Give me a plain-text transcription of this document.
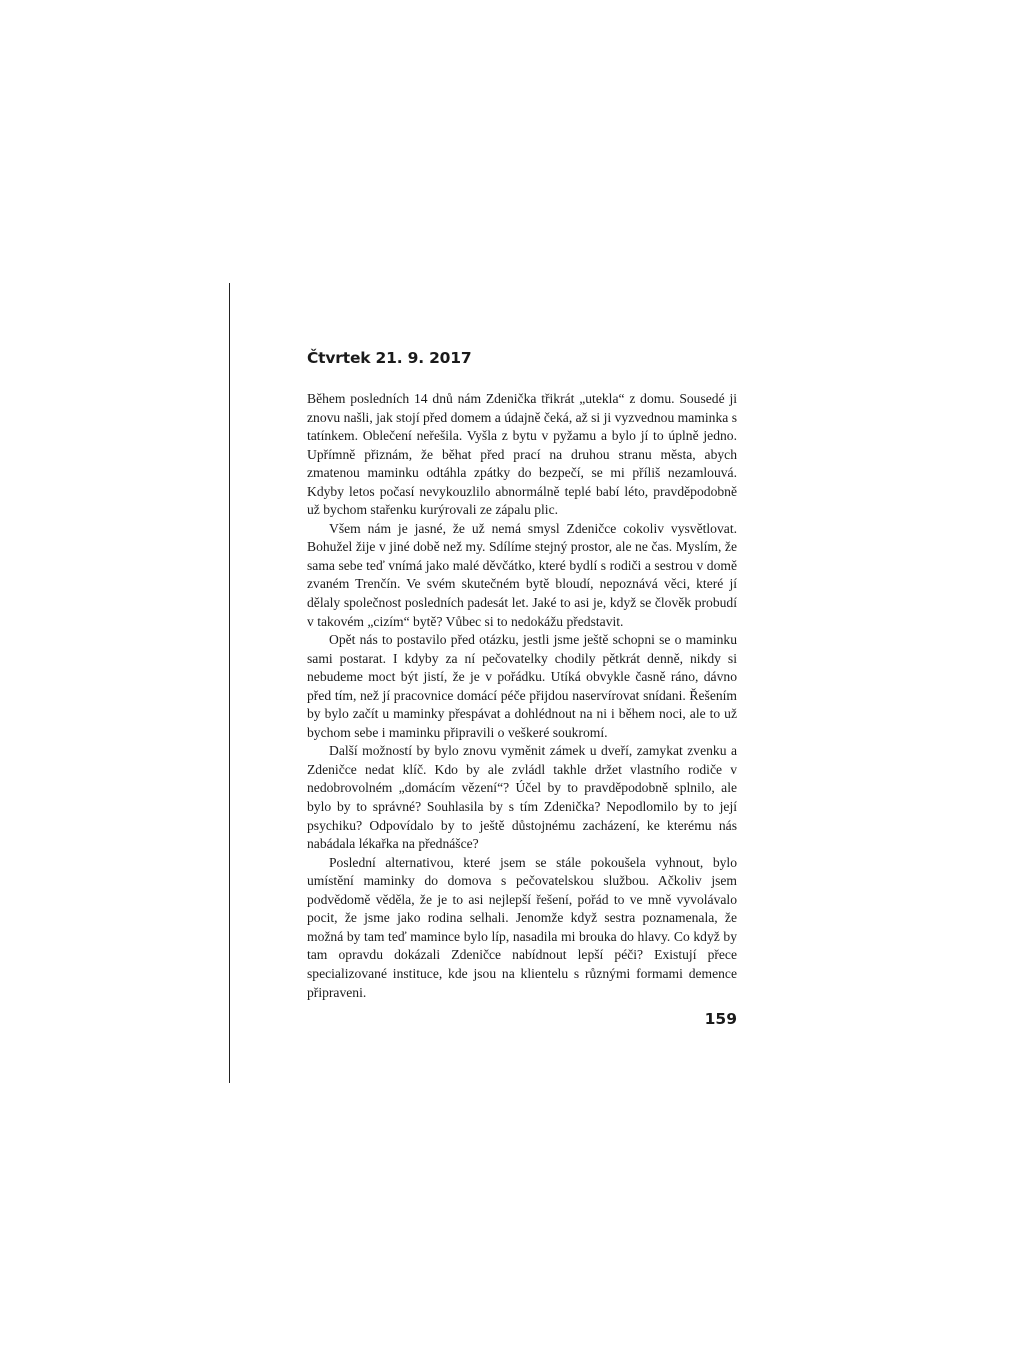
Čtvrtek 21. 9. 2017

Během posledních 14 dnů nám Zdenička třikrát „utekla“ z domu. Sousedé ji znovu našli, jak stojí před domem a údajně čeká, až si ji vyzvednou maminka s tatínkem. Oblečení neřešila. Vyšla z bytu v pyžamu a bylo jí to úplně jedno. Upřímně přiznám, že běhat před prací na druhou stranu města, abych zmatenou maminku odtáhla zpátky do bezpečí, se mi příliš nezamlouvá. Kdyby letos počasí nevykouzlilo abnormálně teplé babí léto, pravděpodobně už bychom stařenku kurýrovali ze zápalu plic.

Všem nám je jasné, že už nemá smysl Zdeničce cokoliv vysvětlovat. Bohužel žije v jiné době než my. Sdílíme stejný prostor, ale ne čas. Myslím, že sama sebe teď vnímá jako malé děvčátko, které bydlí s rodiči a sestrou v domě zvaném Trenčín. Ve svém skutečném bytě bloudí, nepoznává věci, které jí dělaly společnost posledních padesát let. Jaké to asi je, když se člověk probudí v takovém „cizím“ bytě? Vůbec si to nedokážu představit.

Opět nás to postavilo před otázku, jestli jsme ještě schopni se o maminku sami postarat. I kdyby za ní pečovatelky chodily pětkrát denně, nikdy si nebudeme moct být jistí, že je v pořádku. Utíká obvykle časně ráno, dávno před tím, než jí pracovnice domácí péče přijdou naservírovat snídani. Řešením by bylo začít u maminky přespávat a dohlédnout na ni i během noci, ale to už bychom sebe i maminku připravili o veškeré soukromí.

Další možností by bylo znovu vyměnit zámek u dveří, zamykat zvenku a Zdeničce nedat klíč. Kdo by ale zvládl takhle držet vlastního rodiče v nedobrovolném „domácím vězení“? Účel by to pravděpodobně splnilo, ale bylo by to správné? Souhlasila by s tím Zdenička? Nepodlomilo by to její psychiku? Odpovídalo by to ještě důstojnému zacházení, ke kterému nás nabádala lékařka na přednášce?

Poslední alternativou, které jsem se stále pokoušela vyhnout, bylo umístění maminky do domova s pečovatelskou službou. Ačkoliv jsem podvědomě věděla, že je to asi nejlepší řešení, pořád to ve mně vyvolávalo pocit, že jsme jako rodina selhali. Jenomže když sestra poznamenala, že možná by tam teď mamince bylo líp, nasadila mi brouka do hlavy. Co když by tam opravdu dokázali Zdeničce nabídnout lepší péči? Existují přece specializované instituce, kde jsou na klientelu s různými formami demence připraveni.

159
